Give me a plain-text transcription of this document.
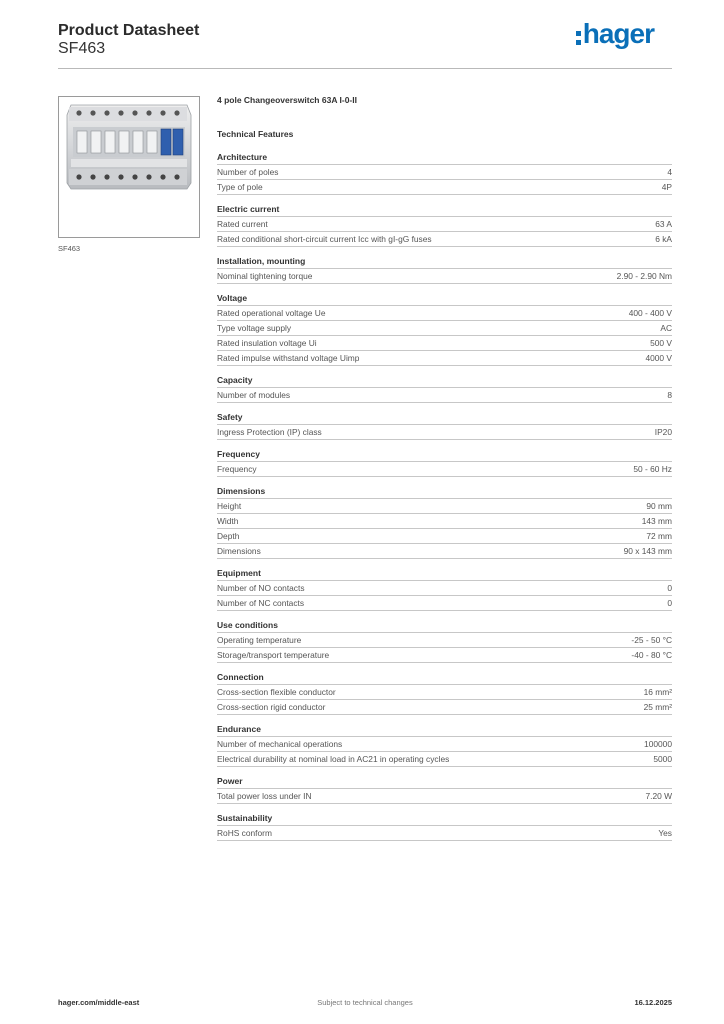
Product Datasheet
SF463	hager
SF463
4 pole Changeoverswitch 63A I-0-II
Technical Features
Architecture
Number of poles	4
Type of pole	4P
Electric current
Rated current	63 A
Rated conditional short-circuit current Icc with gI-gG fuses	6 kA
Installation, mounting
Nominal tightening torque	2.90 - 2.90 Nm
Voltage
Rated operational voltage Ue	400 - 400 V
Type voltage supply	AC
Rated insulation voltage Ui	500 V
Rated impulse withstand voltage Uimp	4000 V
Capacity
Number of modules	8
Safety
Ingress Protection (IP) class	IP20
Frequency
Frequency	50 - 60 Hz
Dimensions
Height	90 mm
Width	143 mm
Depth	72 mm
Dimensions	90 x 143 mm
Equipment
Number of NO contacts	0
Number of NC contacts	0
Use conditions
Operating temperature	-25 - 50 °C
Storage/transport temperature	-40 - 80 °C
Connection
Cross-section flexible conductor	16 mm²
Cross-section rigid conductor	25 mm²
Endurance
Number of mechanical operations	100000
Electrical durability at nominal load in AC21 in operating cycles	5000
Power
Total power loss under IN	7.20 W
Sustainability
RoHS conform	Yes
hager.com/middle-east	Subject to technical changes	16.12.2025
